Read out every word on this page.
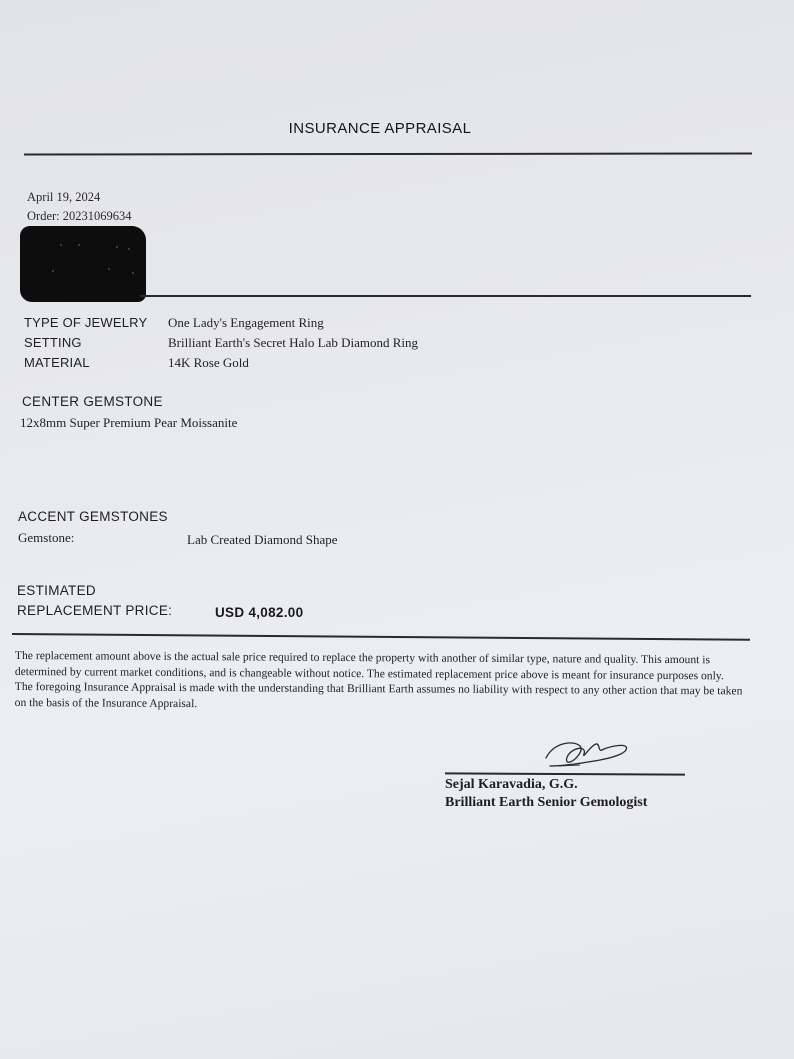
INSURANCE APPRAISAL
April 19, 2024
Order: 20231069634
TYPE OF JEWELRY One Lady's Engagement Ring
SETTING	Brilliant Earth's Secret Halo Lab Diamond Ring
MATERIAL	14K Rose Gold
CENTER GEMSTONE
12x8mm Super Premium Pear Moissanite
ACCENT GEMSTONES
Gemstone:	Lab Created Diamond Shape
ESTIMATED
REPLACEMENT PRICE:	USD 4,082.00
The replacement amount above is the actual sale price required to replace the property with another of similar type, nature and quality. This amount is determined by current market conditions, and is changeable without notice. The estimated replacement price above is meant for insurance purposes only. The foregoing Insurance Appraisal is made with the understanding that Brilliant Earth assumes no liability with respect to any other action that may be taken on the basis of the Insurance Appraisal.
Sejal Karavadia, G.G.
Brilliant Earth Senior Gemologist
